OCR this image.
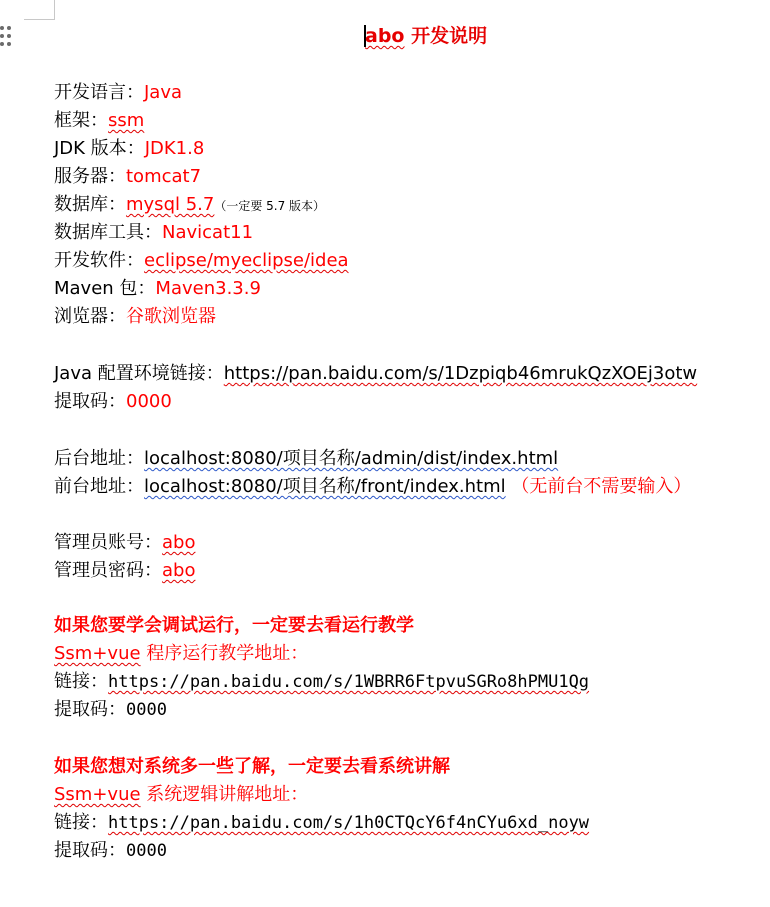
abo 开发说明
开发语言：Java
框架：ssm
JDK 版本：JDK1.8
服务器：tomcat7
数据库：mysql 5.7（一定要 5.7 版本）
数据库工具：Navicat11
开发软件：eclipse/myeclipse/idea
Maven 包：Maven3.3.9
浏览器：谷歌浏览器
Java 配置环境链接：https://pan.baidu.com/s/1Dzpiqb46mrukQzXOEj3otw
提取码：0000
后台地址：localhost:8080/项目名称/admin/dist/index.html
前台地址：localhost:8080/项目名称/front/index.html （无前台不需要输入）
管理员账号：abo
管理员密码：abo
如果您要学会调试运行，一定要去看运行教学
Ssm+vue 程序运行教学地址：
链接：https://pan.baidu.com/s/1WBRR6FtpvuSGRo8hPMU1Qg
提取码：0000
如果您想对系统多一些了解，一定要去看系统讲解
Ssm+vue 系统逻辑讲解地址：
链接：https://pan.baidu.com/s/1h0CTQcY6f4nCYu6xd_noyw
提取码：0000
